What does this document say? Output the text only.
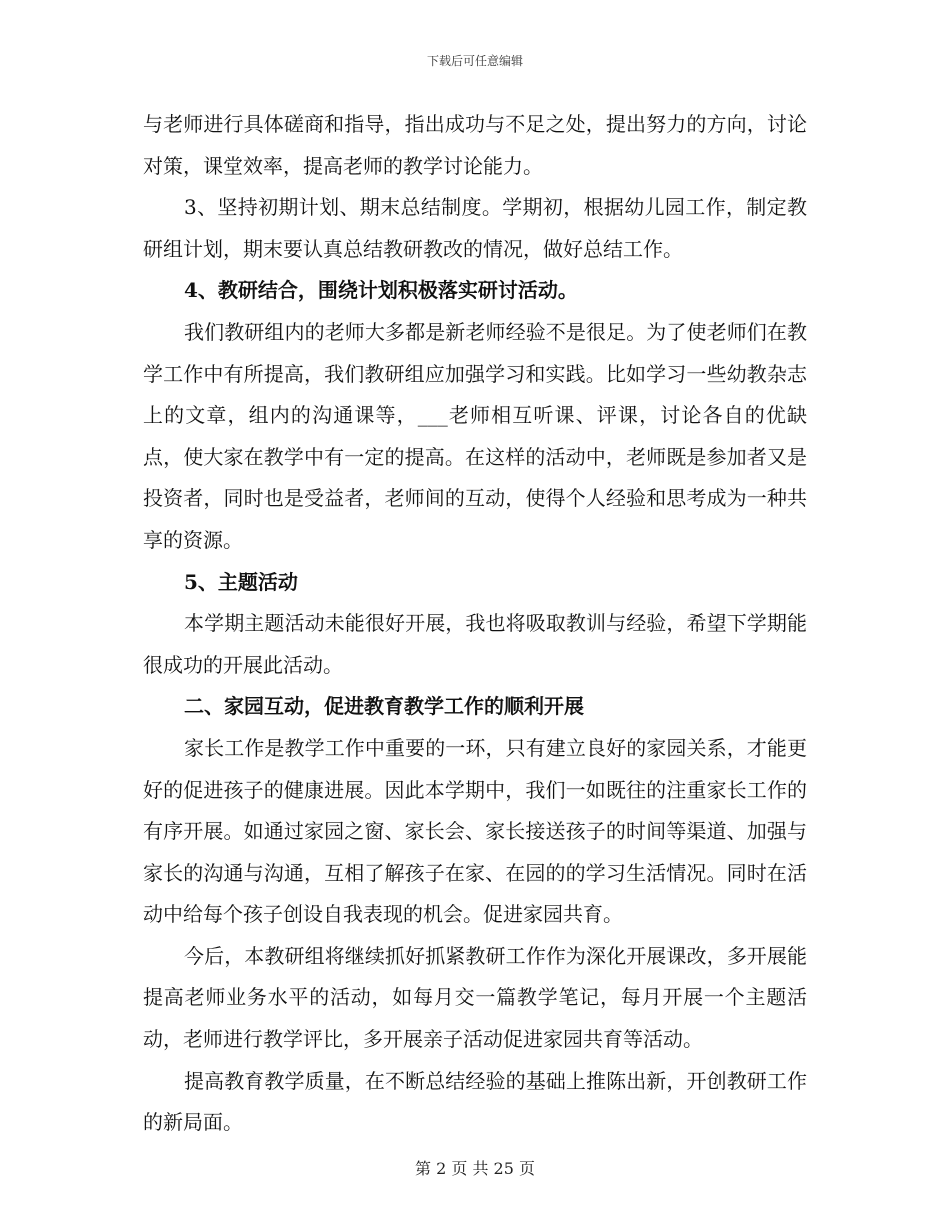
下载后可任意编辑

与老师进行具体磋商和指导，指出成功与不足之处，提出努力的方向，讨论对策，课堂效率，提高老师的教学讨论能力。

3、坚持初期计划、期末总结制度。学期初，根据幼儿园工作，制定教研组计划，期末要认真总结教研教改的情况，做好总结工作。

4、教研结合，围绕计划积极落实研讨活动。

我们教研组内的老师大多都是新老师经验不是很足。为了使老师们在教学工作中有所提高，我们教研组应加强学习和实践。比如学习一些幼教杂志上的文章，组内的沟通课等，___老师相互听课、评课，讨论各自的优缺点，使大家在教学中有一定的提高。在这样的活动中，老师既是参加者又是投资者，同时也是受益者，老师间的互动，使得个人经验和思考成为一种共享的资源。

5、主题活动

本学期主题活动未能很好开展，我也将吸取教训与经验，希望下学期能很成功的开展此活动。

二、家园互动，促进教育教学工作的顺利开展

家长工作是教学工作中重要的一环，只有建立良好的家园关系，才能更好的促进孩子的健康进展。因此本学期中，我们一如既往的注重家长工作的有序开展。如通过家园之窗、家长会、家长接送孩子的时间等渠道、加强与家长的沟通与沟通，互相了解孩子在家、在园的的学习生活情况。同时在活动中给每个孩子创设自我表现的机会。促进家园共育。

今后，本教研组将继续抓好抓紧教研工作作为深化开展课改，多开展能提高老师业务水平的活动，如每月交一篇教学笔记，每月开展一个主题活动，老师进行教学评比，多开展亲子活动促进家园共育等活动。

提高教育教学质量，在不断总结经验的基础上推陈出新，开创教研工作的新局面。

第 2 页 共 25 页
